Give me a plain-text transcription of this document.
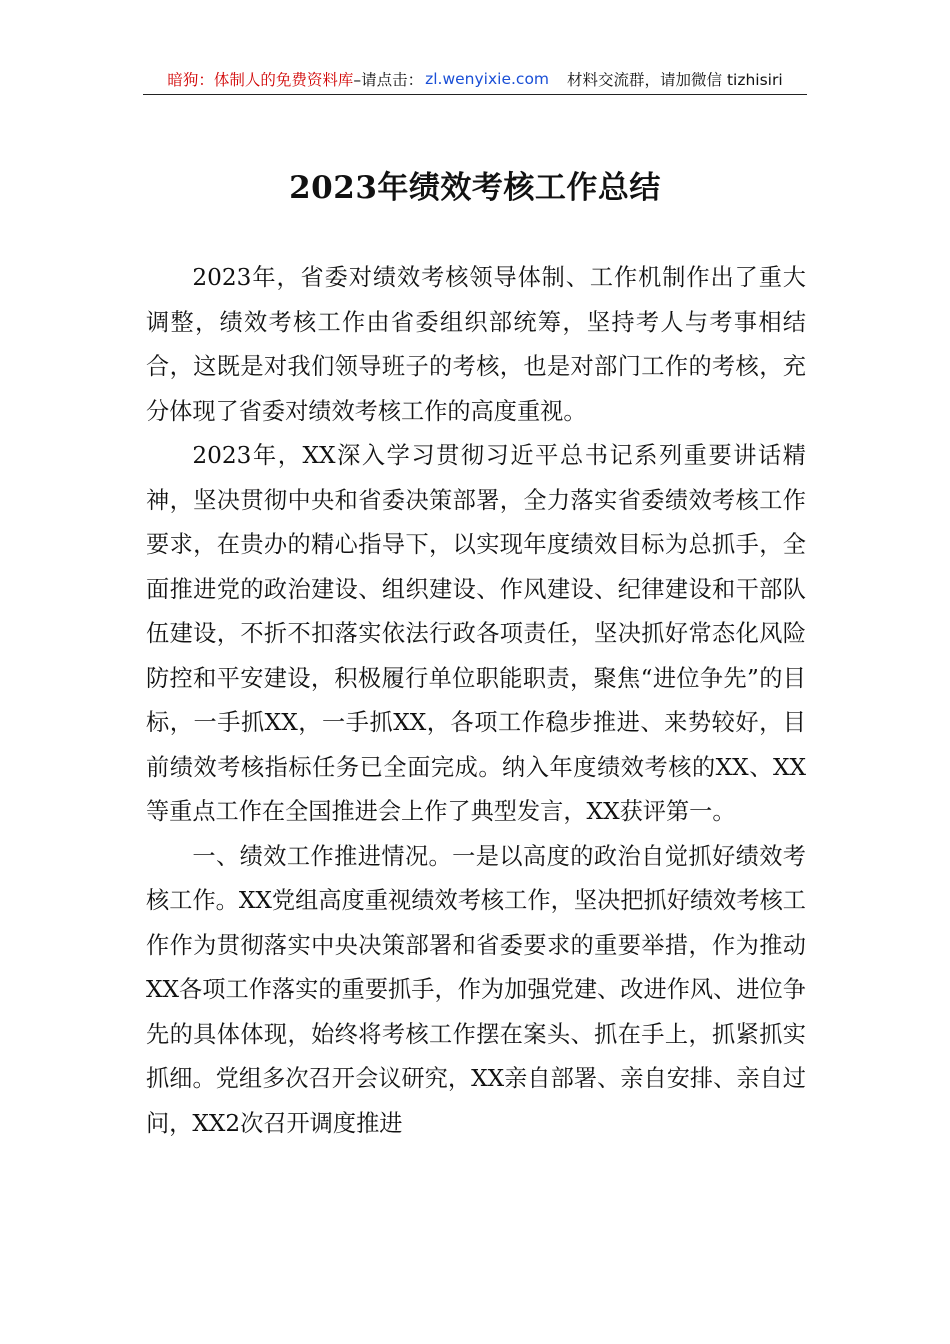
暗狗：体制人的免费资料库 –请点击： zl.wenyixie.com 材料交流群，请加微信 tizhisiri
2023年绩效考核工作总结

2023年，省委对绩效考核领导体制、工作机制作出了重大调整，绩效考核工作由省委组织部统筹，坚持考人与考事相结合，这既是对我们领导班子的考核，也是对部门工作的考核，充分体现了省委对绩效考核工作的高度重视。

2023年，XX深入学习贯彻习近平总书记系列重要讲话精神，坚决贯彻中央和省委决策部署，全力落实省委绩效考核工作要求，在贵办的精心指导下，以实现年度绩效目标为总抓手，全面推进党的政治建设、组织建设、作风建设、纪律建设和干部队伍建设，不折不扣落实依法行政各项责任，坚决抓好常态化风险防控和平安建设，积极履行单位职能职责，聚焦“进位争先”的目标，一手抓XX，一手抓XX，各项工作稳步推进、来势较好，目前绩效考核指标任务已全面完成。纳入年度绩效考核的XX、XX等重点工作在全国推进会上作了典型发言，XX获评第一。

一、绩效工作推进情况。一是以高度的政治自觉抓好绩效考核工作。XX党组高度重视绩效考核工作，坚决把抓好绩效考核工作作为贯彻落实中央决策部署和省委要求的重要举措，作为推动XX各项工作落实的重要抓手，作为加强党建、改进作风、进位争先的具体体现，始终将考核工作摆在案头、抓在手上，抓紧抓实抓细。党组多次召开会议研究，XX亲自部署、亲自安排、亲自过问，XX2次召开调度推进
